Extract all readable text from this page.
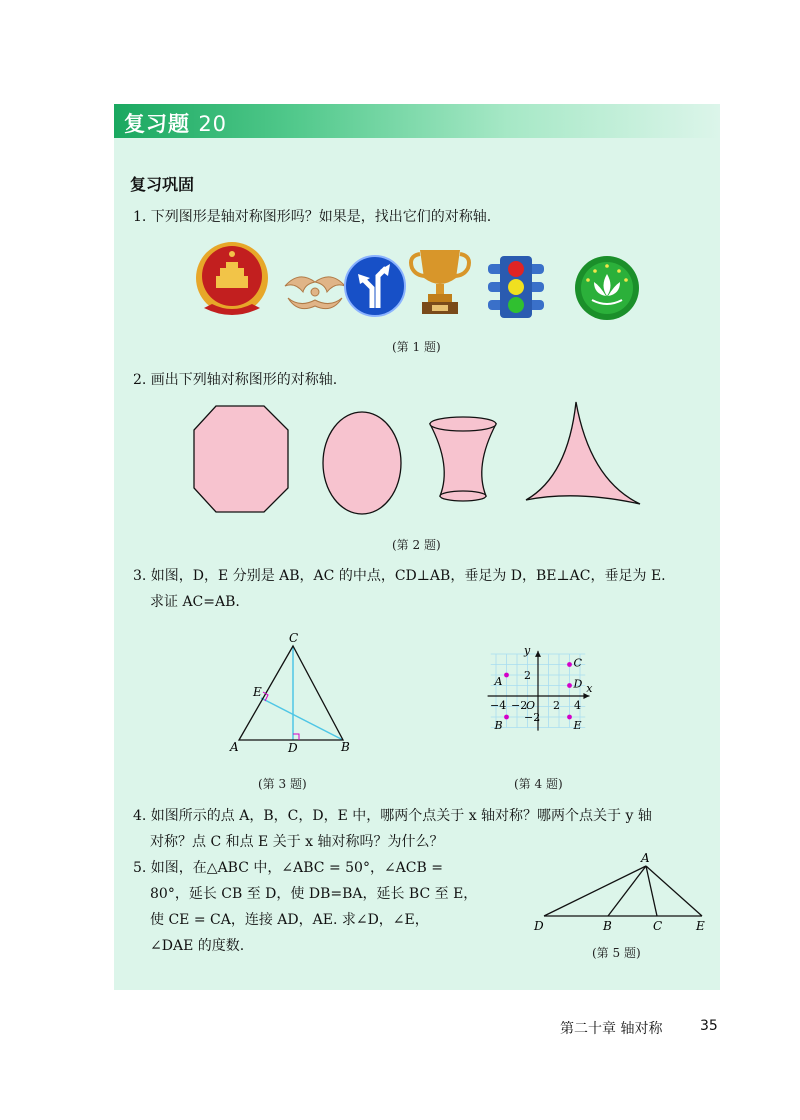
复习题 20
复习巩固
1. 下列图形是轴对称图形吗？如果是，找出它们的对称轴.
(第 1 题)
2. 画出下列轴对称图形的对称轴.
(第 2 题)
3. 如图，D，E 分别是 AB，AC 的中点，CD⊥AB，垂足为 D，BE⊥AC，垂足为 E.
求证 AC=AB.
A	B
C
D
E
(第 3 题)
x
y
O
−4 −2 2 4
2
−2
A
B
C
D
E
(第 4 题)
4. 如图所示的点 A，B，C，D，E 中，哪两个点关于 x 轴对称？哪两个点关于 y 轴
对称？点 C 和点 E 关于 x 轴对称吗？为什么？
5. 如图，在△ABC 中，∠ABC = 50°，∠ACB =
80°，延长 CB 至 D，使 DB=BA，延长 BC 至 E，
使 CE = CA，连接 AD，AE. 求∠D，∠E，
∠DAE 的度数.
A
B	C
D	E
(第 5 题)
第二十章 轴对称	35
